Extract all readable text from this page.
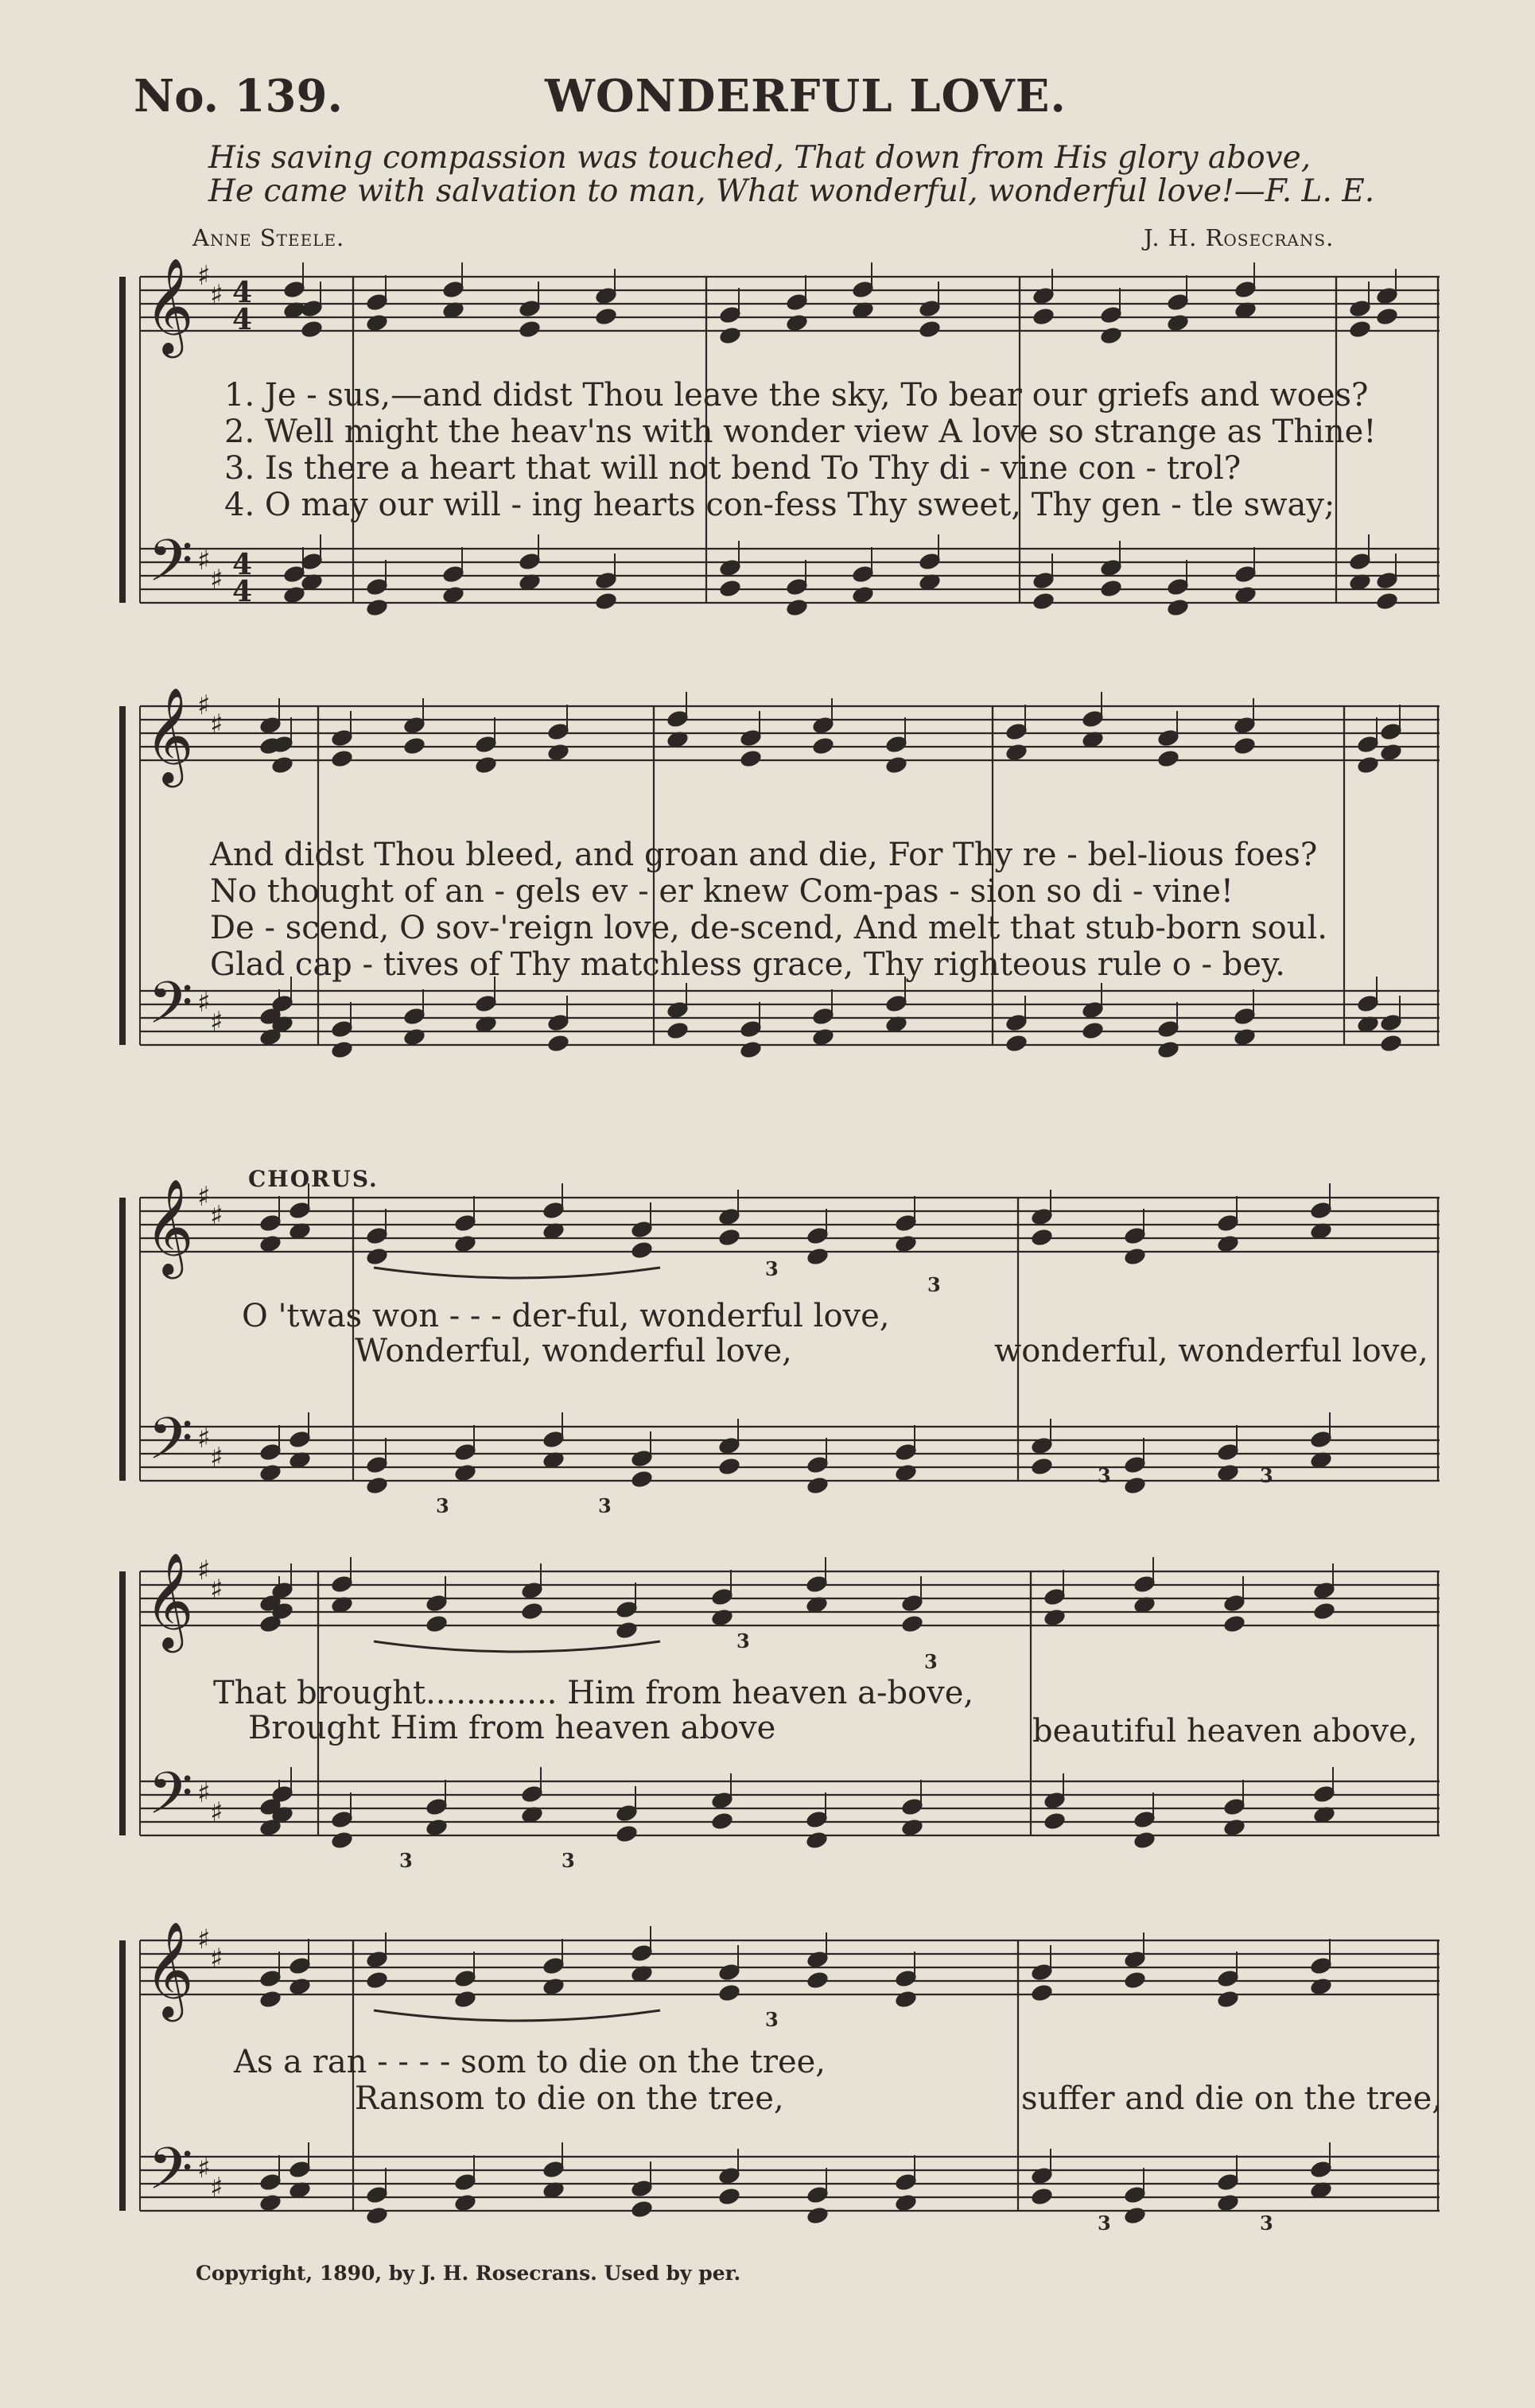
No. 139.	WONDERFUL LOVE.
His saving compassion was touched, That down from His glory above,
He came with salvation to man, What wonderful, wonderful love!—F. L. E.
Anne Steele.	J. H. Rosecrans.
𝄞
𝄢
♯
♯
♯
♯
4
4
4
4
𝄞
𝄢
♯
♯
♯
♯
𝄞
𝄢
♯
♯
♯
♯
𝄞
𝄢
♯
♯
♯
♯
𝄞
𝄢
♯
♯
♯
♯
3
3
3	3
3	3
3
3
3	3
3
3	3
1. Je - sus,—and didst Thou leave the sky, To bear our griefs and woes?
2. Well might the heav'ns with wonder view A love so strange as Thine!
3. Is there a heart that will not bend To Thy di - vine con - trol?
4. O may our will - ing hearts con-fess Thy sweet, Thy gen - tle sway;
And didst Thou bleed, and groan and die, For Thy re - bel-lious foes?
No thought of an - gels ev - er knew Com-pas - sion so di - vine!
De - scend, O sov-'reign love, de-scend, And melt that stub-born soul.
Glad cap - tives of Thy matchless grace, Thy righteous rule o - bey.
CHORUS.
O 'twas won - - - der-ful, wonderful love,
Wonderful, wonderful love,	wonderful, wonderful love,
That brought............. Him from heaven a-bove,
Brought Him from heaven above	beautiful heaven above,
As a ran - - - - som to die on the tree,
Ransom to die on the tree,	suffer and die on the tree,
Copyright, 1890, by J. H. Rosecrans. Used by per.
